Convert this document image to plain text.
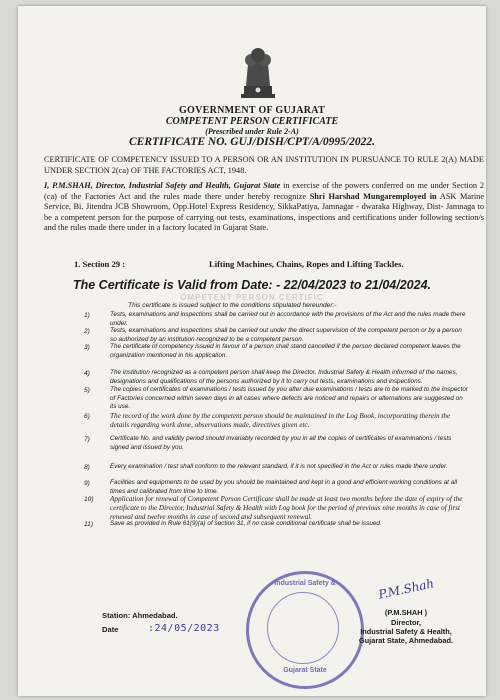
GOVERNMENT OF GUJARAT
COMPETENT PERSON CERTIFICATE
(Prescribed under Rule 2-A)
CERTIFICATE NO. GUJ/DISH/CPT/A/0995/2022.
CERTIFICATE OF COMPETENCY ISSUED TO A PERSON OR AN INSTITUTION IN PURSUANCE TO RULE 2(A) MADE UNDER SECTION 2(ca) OF THE FACTORIES ACT, 1948.
I, P.M.SHAH, Director, Industrial Safety and Health, Gujarat State in exercise of the powers conferred on me under Section 2 (ca) of the Factories Act and the rules made there under hereby recognize Shri Harshad Mungaremployed in ASK Marine Service, Bi. Jitendra JCB Showroom, Opp.Hotel Express Residency, SikkaPatiya, Jamnagar - dwaraka Highway, Dist- Jamnaga to be a competent person for the purpose of carrying out tests, examinations, inspections and certifications under following section/s and the rules made there under in a factory located in Gujarat State.
1. Section 29 :	Lifting Machines, Chains, Ropes and Lifting Tackles.
The Certificate is Valid from Date: - 22/04/2023 to 21/04/2024.
OMPETENT PERSON CERTIFIC
This certificate is issued subject to the conditions stipulated hereunder:-
1)	Tests, examinations and inspections shall be carried out in accordance with the provisions of the Act and the rules made there under.
2)	Tests, examinations and inspections shall be carried out under the direct supervision of the competent person or by a person so authorized by an institution recognized to be a competent person.
3)	The certificate of competency issued in favour of a person shall stand cancelled if the person declared competent leaves the organization mentioned in his application.
4)	The institution recognized as a competent person shall keep the Director, Industrial Safety & Health informed of the names, designations and qualifications of the persons authorized by it to carry out tests, examinations and inspections.
5)	The copies of certificates of examinations / tests issued by you after due examinations / tests are to be marked to the Inspector of Factories concerned within seven days in all cases where defects are noticed and repairs or alternations are suggested on its use.
6)	The record of the work done by the competent person should be maintained in the Log Book, incorporating therein the details regarding work done, observations made, directives given etc.
7)	Certificate No. and validity period should invariably recorded by you in all the copies of certificates of examinations / tests signed and issued by you.
8)	Every examination / test shall conform to the relevant standard, if it is not specified in the Act or rules made there under.
9)	Facilities and equipments to be used by you should be maintained and kept in a good and efficient working conditions at all times and calibrated from time to time.
10) Application for renewal of Competent Person Certificate shall be made at least two months before the date of expiry of the certificate to the Director, Industrial Safety & Health with Log book for the period of previous nine months in case of first renewal and twelve months in case of second and subsequent renewal.
11)	Save as provided in Rule 61(9)(a) of section 31, if no case conditional certificate shall be issued.
.
Industrial Safety &
Gujarat State
P.M.Shah
Station: Ahmedabad.
Date	:24/05/2023
(P.M.SHAH )
Director,
Industrial Safety & Health,
Gujarat State, Ahmedabad.
